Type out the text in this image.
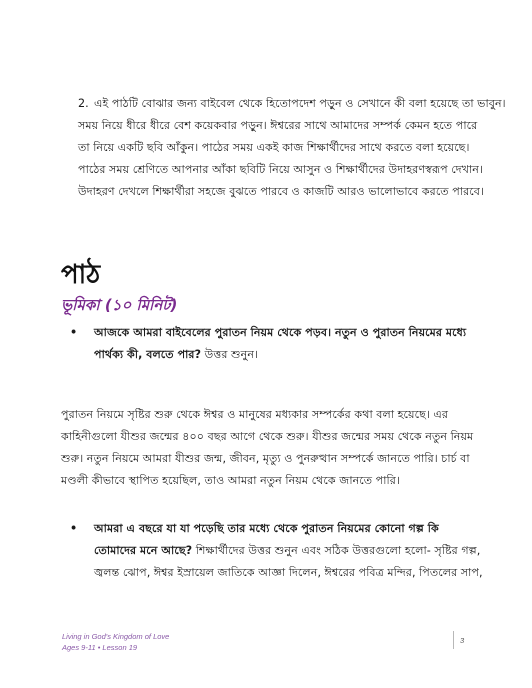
2. এই পাঠটি বোঝার জন্য বাইবেল থেকে হিতোপদেশ পড়ুন ও সেখানে কী বলা হয়েছে তা ভাবুন।
সময় নিয়ে ধীরে ধীরে বেশ কয়েকবার পড়ুন। ঈশ্বরের সাথে আমাদের সম্পর্ক কেমন হতে পারে
তা নিয়ে একটি ছবি আঁকুন। পাঠের সময় একই কাজ শিক্ষার্থীদের সাথে করতে বলা হয়েছে।
পাঠের সময় শ্রেণিতে আপনার আঁকা ছবিটি নিয়ে আসুন ও শিক্ষার্থীদের উদাহরণস্বরূপ দেখান।
উদাহরণ দেখলে শিক্ষার্থীরা সহজে বুঝতে পারবে ও কাজটি আরও ভালোভাবে করতে পারবে।
পাঠ
ভূমিকা (১০ মিনিট)
• আজকে আমরা বাইবেলের পুরাতন নিয়ম থেকে পড়ব। নতুন ও পুরাতন নিয়মের মধ্যে
পার্থক্য কী, বলতে পার? উত্তর শুনুন।
পুরাতন নিয়মে সৃষ্টির শুরু থেকে ঈশ্বর ও মানুষের মধ্যকার সম্পর্কের কথা বলা হয়েছে। এর
কাহিনীগুলো যীশুর জন্মের ৪০০ বছর আগে থেকে শুরু। যীশুর জন্মের সময় থেকে নতুন নিয়ম
শুরু। নতুন নিয়মে আমরা যীশুর জন্ম, জীবন, মৃত্যু ও পুনরুত্থান সম্পর্কে জানতে পারি। চার্চ বা
মণ্ডলী কীভাবে স্থাপিত হয়েছিল, তাও আমরা নতুন নিয়ম থেকে জানতে পারি।
• আমরা এ বছরে যা যা পড়েছি তার মধ্যে থেকে পুরাতন নিয়মের কোনো গল্প কি
তোমাদের মনে আছে? শিক্ষার্থীদের উত্তর শুনুন এবং সঠিক উত্তরগুলো হলো- সৃষ্টির গল্প,
জ্বলন্ত ঝোপ, ঈশ্বর ইস্রায়েল জাতিকে আজ্ঞা দিলেন, ঈশ্বরের পবিত্র মন্দির, পিতলের সাপ,
Living in God's Kingdom of Love
Ages 9-11 • Lesson 19
3
